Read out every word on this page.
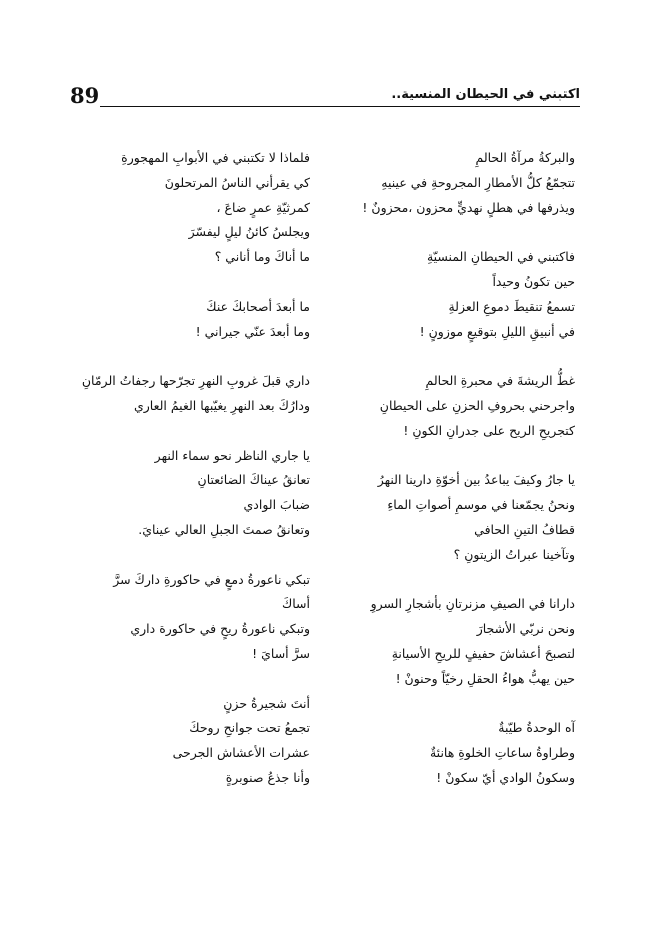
89	اكتبني في الحيطان المنسية..
والبركةُ مرآةُ الحالمِ
تتجمّعُ كلُّ الأمطارِ المجروحةِ في عينيهِ
ويذرفها في هطلٍ نهديٍّ محزون ،محزونٌ !
فاكتبني في الحيطانِ المنسيّةِ
حين تكونُ وحيداً
تسمعُ تنقيطَ دموعِ العزلةِ
في أنبيقِ الليلِ بتوقيعٍ موزونٍ !
غطُّ الريشةَ في محبرةِ الحالمِ
واجرحني بحروفِ الحزنِ على الحيطانِ
كتجريحِ الريح على جدرانِ الكونِ !
يا جارُ وكيفَ يباعدُ بين أخوّةِ دارينا النهرُ
ونحنُ يجمّعنا في موسمِ أصواتِ الماءِ
قطافُ التينِ الحافي
وتآخينا عبراتُ الزيتونِ ؟
دارانا في الصيفِ مزنرتانِ بأشجارِ السروِ
ونحن نربّي الأشجارَ
لتصبحَ أعشاشَ حفيفٍ للريحِ الأسيانةِ
حين يهبُّ هواءُ الحقلِ رخيّاً وحنونْ !
آه الوحدةُ طيّبةٌ
وطراوةُ ساعاتِ الخلوةِ هانئةٌ
وسكونُ الوادي أيّ سكونْ !
فلماذا لا تكتبني في الأبوابِ المهجورةِ
كي يقرأني الناسُ المرتحلونَ
كمرثيّةِ عمرٍ ضاعَ ،
ويجلسُ كائنُ ليلٍ ليفسّرَ
ما أناكَ وما أناني ؟
ما أبعدَ أصحابكَ عنكَ
وما أبعدَ عنّي جيراني !
داري قبلَ غروبِ النهرِ تجرّحها رجفاتُ الرمّانِ
ودارُكَ بعد النهرِ يغيّبها الغيمُ العاري
يا جاري الناظر نحو سماء النهر
تعانقُ عيناكَ الضائعتانِ
ضبابَ الوادي
وتعانقُ صمتَ الجبلِ العالي عينايَ.
تبكي ناعورةُ دمعٍ في حاكورةِ داركَ سرَّ
أساكَ
وتبكي ناعورةُ ريحٍ في حاكورة داري
سرَّ أسايَ !
أنتَ شجيرةُ حزنٍ
تجمعُ تحت جوانحِ روحكَ
عشرات الأعشاش الجرحى
وأنا جذعُ صنوبرةٍ
